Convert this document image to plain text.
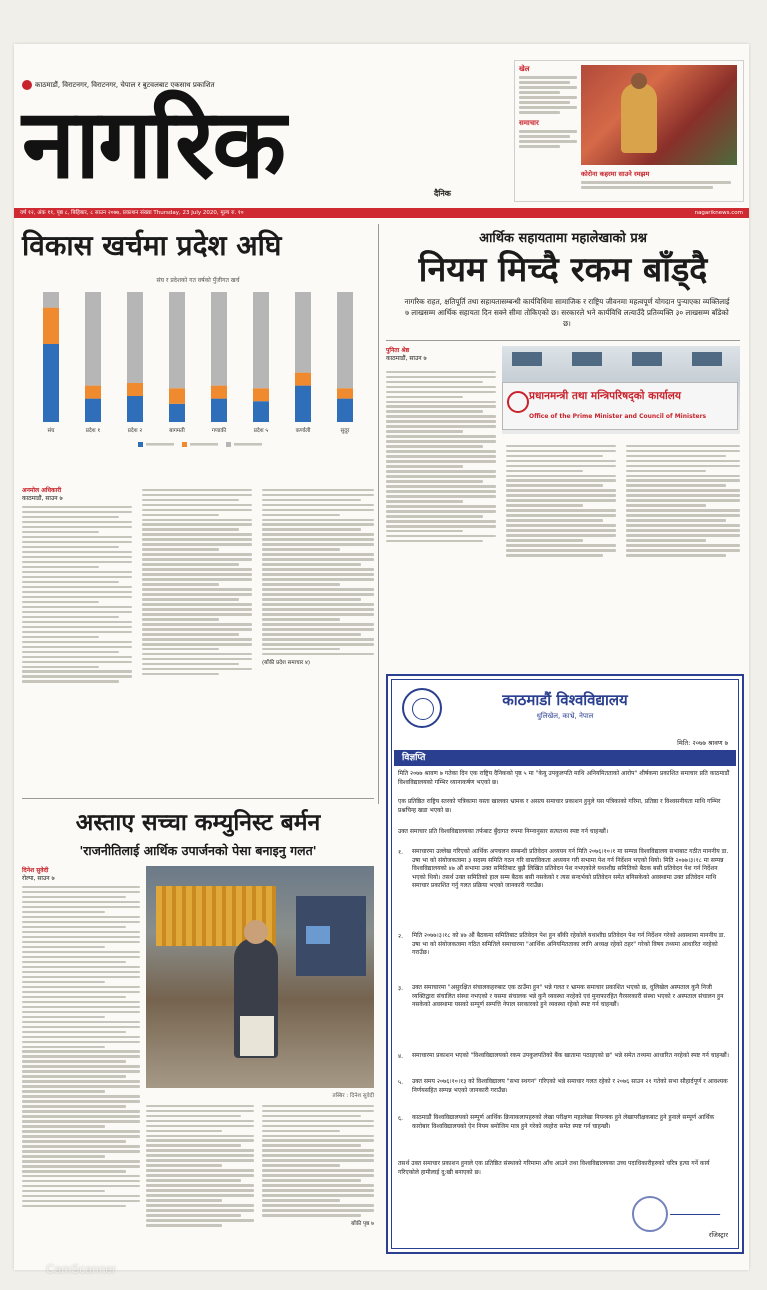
काठमाडौं, विराटनगर, विराटनगर, चेपाल र बुटवलबाट एकसाथ प्रकाशित
नागरिक	दैनिक
खेल
समाचार
कोरोना कहरमा साउने रमझम
वर्ष १२, अंक ११, पृष्ठ ८, बिहिबार, ८ साउन २०७७, प्रकाशन संख्या Thursday, 23 July 2020, मूल्य रु. १०	nagariknews.com
विकास खर्चमा प्रदेश अघि
संघ र प्रदेशको गत वर्षको पुँजीगत खर्च
संघ	प्रदेश १	प्रदेश २	बागमती	गण्डकी	प्रदेश ५	कर्णाली	सुदूर
अनमोल अधिकारी
काठमाडौं, साउन ७
(बाँकी प्रदेश समाचार ४)
आर्थिक सहायतामा महालेखाको प्रश्न
नियम मिच्दै रकम बाँड्दै
नागरिक राहत, क्षतिपूर्ति तथा सहायतासम्बन्धी कार्यविधिमा सामाजिक र राष्ट्रिय जीवनमा महत्वपूर्ण योगदान पुऱ्याएका व्यक्तिलाई ७ लाखसम्म आर्थिक सहायता दिन सक्ने सीमा तोकिएको छ। सरकारले भने कार्यविधि लत्याउँदै प्रतिव्यक्ति ३० लाखसम्म बाँडेको छ।
पुनिता श्रेष्ठ
काठमाडौं, साउन ७
प्रधानमन्त्री तथा मन्त्रिपरिषद्को कार्यालय
Office of the Prime Minister and Council of Ministers
अस्ताए सच्चा कम्युनिस्ट बर्मन
'राजनीतिलाई आर्थिक उपार्जनको पेसा बनाइनु गलत'
दिनेश सुवेदी
रोल्पा, साउन ७
तस्बिर : दिनेश सुवेदी
बाँकी पृष्ठ ७
काठमाडौं विश्वविद्यालय
धुलिखेल, काभ्रे, नेपाल
मिति: २०७७ श्रावण ७
विज्ञप्ति
मिति २०७७ श्रावण ७ गतेका दिन एक राष्ट्रिय दैनिकको पृष्ठ ५ मा "केयु उपकुलपति माथि अनियमितताको आरोप" शीर्षकमा प्रकाशित समाचार प्रति काठमाडौं विश्वविद्यालयको गम्भिर ध्यानाकर्षण भएको छ।
एक प्रतिष्ठित राष्ट्रिय स्तरको पत्रिकामा यस्ता खालका भ्रामक र असत्य समाचार प्रकाशन हुनुले यस पत्रिकाको गरिमा, प्रतिष्ठा र विश्वसनीयता माथि गम्भिर प्रश्नचिन्ह खडा भएको छ।
उक्त समाचार प्रति विश्वविद्यालयका तर्फबाट बुँदागत रुपमा निम्नानुसार सत्यतथ्य स्पष्ट गर्न चाहन्छौं।
१. समाचारमा उल्लेख गरिएको आर्थिक अपचलन सम्बन्धी प्रतिवेदन अध्ययन गर्न मिति २०७६।१०।१ मा सम्पन्न विश्वविद्यालय सभाबाट गठीत माननीय डा. उषा भा को संयोजकत्वमा ३ सदस्य समिति गठन गरि वास्तविकता अध्ययन गरी सभामा पेश गर्न निर्देशन भएको थियो। मिति २०७७।३।१८ मा सम्पन्न विश्वविद्यालयको ४७ औं सभामा उक्त समितिबाट बुझै लिखित प्रतिवेदन पेश नभएकोले यथाशीघ्र समितिको बैठक बसी प्रतिवेदन पेश गर्न निर्देशन भएको थियो। तसर्थ उक्त समितिको हाल सम्म बैठक बसी नसकेको र त्यस सन्दर्भको प्रतिवेदन समेत बनिसकेको अवस्थामा उक्त प्रतिवेदन माथि समाचार प्रकाशित गर्नु गलत प्रक्रिया भएको जानकारी गराउँछ।
२. मिति २०७७।३।१८ को ४७ औं बैठकमा समितिबाट प्रतिवेदन पेश हुन बाँकी रहेकोले यथाशीघ्र प्रतिवेदन पेश गर्न निर्देशन गरेको अवस्थामा माननीय डा. उषा भा को संयोजकत्वमा गठित समितिले समाचारमा "आर्थिक अनियमितताका लागि अध्यक्ष रहेको ठहर" गरेको विषय तथ्यमा आधारित नरहेको गराउँछ।
३. उक्त समाचारमा "असुरक्षित संचालकहरुबाट एक ठाउँमा हुन" भन्ने गलत र भ्रामक समाचार प्रकाशित भएको छ, धुलिखेल अस्पताल कुनै निजी व्यक्तिद्वारा संचालित संस्था नभएको र यसमा संचालक भन्ने कुनै व्यवस्था नरहेको एवं मुनाफारहित गैरसरकारी संस्था भएको र अस्पताल संचालन हुन नसकेको अवस्थामा यसको सम्पूर्ण सम्पत्ति नेपाल सरकारको हुने व्यवस्था रहेको स्पष्ट गर्न चाहन्छौं।
४. समाचारमा प्रकाशन भएको "विश्वविद्यालयको रकम उपकुलपतिको बैंक खातामा पठाइएको छ" भन्ने समेत तथ्यमा आधारित नरहेको स्पष्ट गर्न चाहन्छौं।
५. उक्त समय २०७६।१०।१३ को विश्वविद्यालय "सभा स्थगन" गरिएको भन्ने समाचार गलत रहेको र २०७६ साउन २१ गतेको सभा सौहार्दपूर्ण र आवश्यक निर्णयसहित सम्पन्न भएको जानकारी गराउँछ।
६. काठमाडौं विश्वविद्यालयको सम्पूर्ण आर्थिक क्रियाकलापहरुको लेखा परीक्षण महालेखा नियन्त्रक हुने लेखापरीक्षकबाट हुने हुनाले सम्पूर्ण आर्थिक कारोबार विश्वविद्यालयको ऐन नियम बमोजिम मात्र हुने गरेको व्यहोरा समेत स्पष्ट गर्न चाहन्छौं।
तसर्थ उक्त समाचार प्रकाशन हुनाले एक प्रतिष्ठित संस्थाको गरिमामा आँच आउने तथा विश्वविद्यालयका उच्च पदाधिकारीहरुको चरित्र हत्या गर्ने कार्य गरिएकोले हामीलाई दु:खी बनाएको छ।
रजिस्ट्रार
CamScanner
